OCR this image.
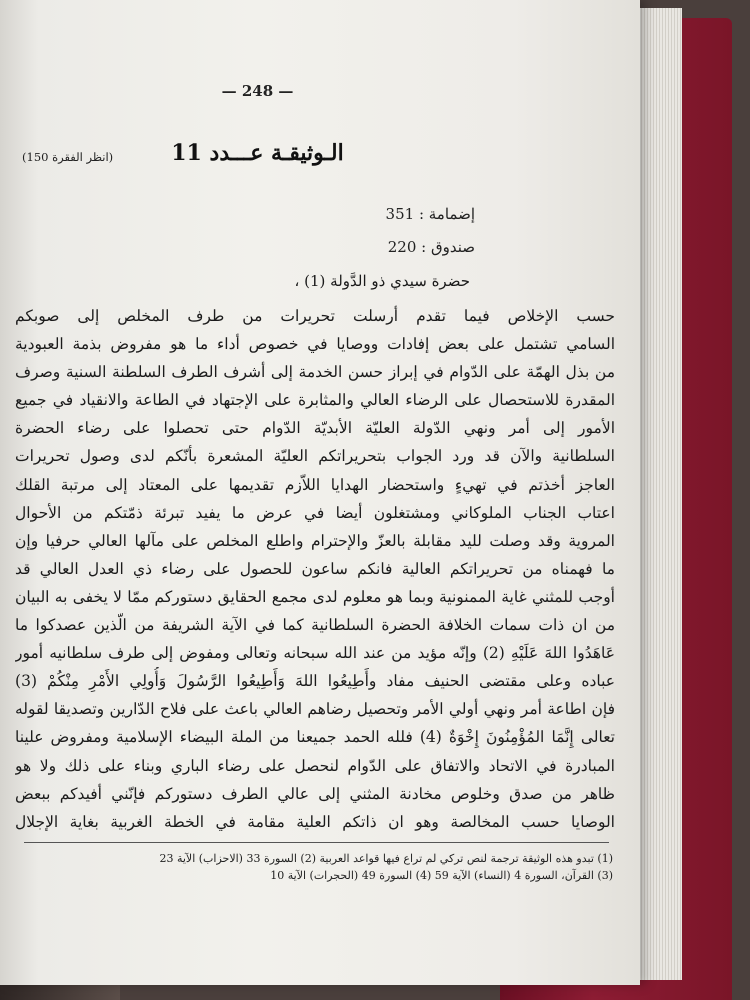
— 248 —
الـوثيقـة عـــدد 11
(انظر الفقرة 150)
إضمامة : 351
صندوق : 220
حضرة سيدي ذو الدَّولة (1) ،
حسب الإخلاص فيما تقدم أرسلت تحريرات من طرف المخلص إلى صوبكم
السامي تشتمل على بعض إفادات ووصايا في خصوص أداء ما هو مفروض بذمة العبودية
من بذل الهمّة على الدّوام في إبراز حسن الخدمة إلى أشرف الطرف السلطنة السنية وصرف
المقدرة للاستحصال على الرضاء العالي والمثابرة على الإجتهاد في الطاعة والانقياد في جميع
الأمور إلى أمر ونهي الدّولة العليّة الأبديّة الدّوام حتى تحصلوا على رضاء الحضرة
السلطانية والآن قد ورد الجواب بتحريراتكم العليّة المشعرة بأنّكم لدى وصول تحريرات
العاجز أخذتم في تهيءٍ واستحضار الهدايا اللاّزم تقديمها على المعتاد إلى مرتبة القلك
اعتاب الجناب الملوكاني ومشتغلون أيضا في عرض ما يفيد تبرئة ذمّتكم من الأحوال
المروية وقد وصلت لليد مقابلة بالعزّ والإحترام واطلع المخلص على مآلها العالي حرفيا وإن
ما فهمناه من تحريراتكم العالية فانكم ساعون للحصول على رضاء ذي العدل العالي قد
أوجب للمثني غاية الممنونية وبما هو معلوم لدى مجمع الحقايق دستوركم ممّا لا يخفى به البيان
من ان ذات سمات الخلافة الحضرة السلطانية كما في الآية الشريفة من الّذين عصدكوا ما
عَاهَدُوا اللهَ عَلَيْهِ (2) وإنّه مؤيد من عند الله سبحانه وتعالى ومفوض إلى طرف سلطانيه أمور
عباده وعلى مقتضى الحنيف مفاد وأَطِيعُوا اللهَ وَأَطِيعُوا الرَّسُولَ وَأُولِي الأَمْرِ مِنْكُمْ (3)
فإن اطاعة أمر ونهي أولي الأمر وتحصيل رضاهم العالي باعث على فلاح الدّارين وتصديقا لقوله
تعالى إِنَّمَا المُؤْمِنُونَ إِخْوَةٌ (4) فلله الحمد جميعنا من الملة البيضاء الإسلامية ومفروض علينا
المبادرة في الاتحاد والاتفاق على الدّوام لنحصل على رضاء الباري وبناء على ذلك ولا هو
ظاهر من صدق وخلوص مخادنة المثني إلى عالي الطرف دستوركم فإنّني أفيدكم ببعض
الوصايا حسب المخالصة وهو ان ذاتكم العلية مقامة في الخطة الغربية بغاية الإجلال
(1) تبدو هذه الوثيقة ترجمة لنص تركي لم تراع فيها قواعد العربية (2) السورة 33 (الاحزاب) الآية 23
(3) القرآن، السورة 4 (النساء) الآية 59 (4) السورة 49 (الحجرات) الآية 10
